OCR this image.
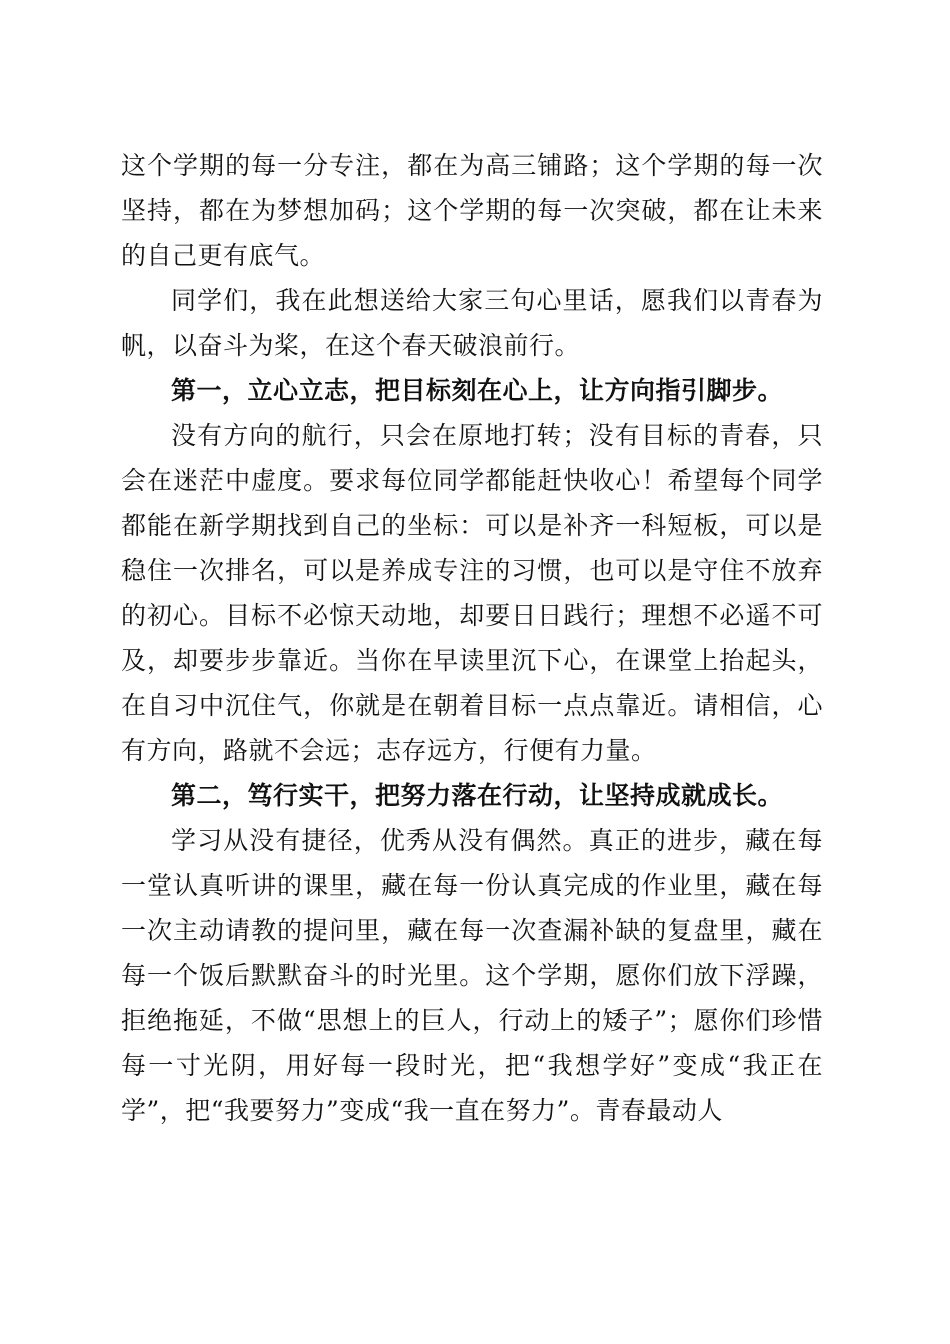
这个学期的每一分专注，都在为高三铺路；这个学期的每一次坚持，都在为梦想加码；这个学期的每一次突破，都在让未来的自己更有底气。

同学们，我在此想送给大家三句心里话，愿我们以青春为帆，以奋斗为桨，在这个春天破浪前行。

第一，立心立志，把目标刻在心上，让方向指引脚步。

没有方向的航行，只会在原地打转；没有目标的青春，只会在迷茫中虚度。要求每位同学都能赶快收心！希望每个同学都能在新学期找到自己的坐标：可以是补齐一科短板，可以是稳住一次排名，可以是养成专注的习惯，也可以是守住不放弃的初心。目标不必惊天动地，却要日日践行；理想不必遥不可及，却要步步靠近。当你在早读里沉下心，在课堂上抬起头，在自习中沉住气，你就是在朝着目标一点点靠近。请相信，心有方向，路就不会远；志存远方，行便有力量。

第二，笃行实干，把努力落在行动，让坚持成就成长。

学习从没有捷径，优秀从没有偶然。真正的进步，藏在每一堂认真听讲的课里，藏在每一份认真完成的作业里，藏在每一次主动请教的提问里，藏在每一次查漏补缺的复盘里，藏在每一个饭后默默奋斗的时光里。这个学期，愿你们放下浮躁，拒绝拖延，不做“思想上的巨人，行动上的矮子”；愿你们珍惜每一寸光阴，用好每一段时光，把“我想学好”变成“我正在学”，把“我要努力”变成“我一直在努力”。青春最动人
